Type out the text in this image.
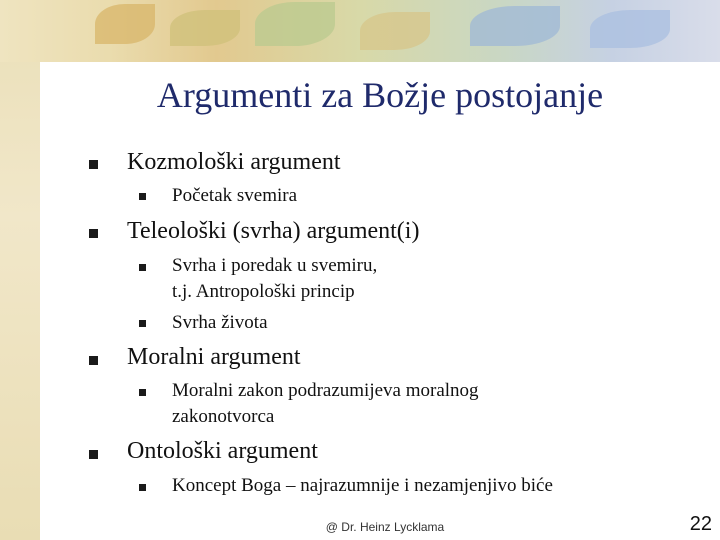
Argumenti za Božje postojanje
Kozmološki argument
Početak svemira
Teleološki (svrha) argument(i)
Svrha i poredak u svemiru,
t.j. Antropološki princip
Svrha života
Moralni argument
Moralni zakon podrazumijeva moralnog
zakonotvorca
Ontološki argument
Koncept Boga – najrazumnije i nezamjenjivo biće
@ Dr. Heinz Lycklama	22
